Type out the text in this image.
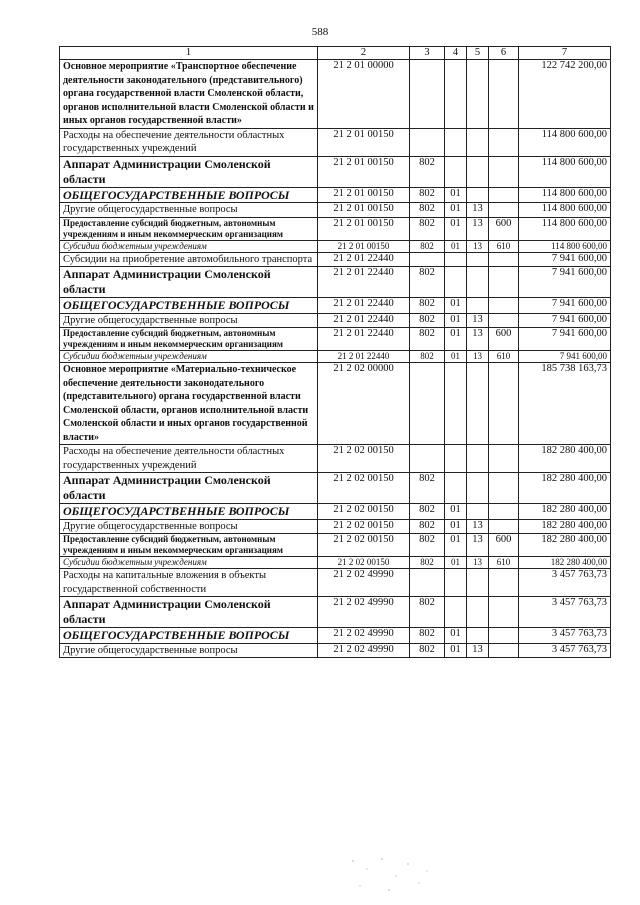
588
1	2	3	4	5	6	7
Основное мероприятие «Транспортное обеспечение деятельности законодательного (представительного) органа государственной власти Смоленской области, органов исполнительной власти Смоленской области и иных органов государственной власти»	21 2 01 00000					122 742 200,00
Расходы на обеспечение деятельности областных государственных учреждений	21 2 01 00150					114 800 600,00
Аппарат Администрации Смоленской области	21 2 01 00150	802				114 800 600,00
ОБЩЕГОСУДАРСТВЕННЫЕ ВОПРОСЫ	21 2 01 00150	802	01			114 800 600,00
Другие общегосударственные вопросы	21 2 01 00150	802	01	13		114 800 600,00
Предоставление субсидий бюджетным, автономным учреждениям и иным некоммерческим организациям	21 2 01 00150	802	01	13	600	114 800 600,00
Субсидии бюджетным учреждениям	21 2 01 00150	802	01	13	610	114 800 600,00
Субсидии на приобретение автомобильного транспорта	21 2 01 22440					7 941 600,00
Аппарат Администрации Смоленской области	21 2 01 22440	802				7 941 600,00
ОБЩЕГОСУДАРСТВЕННЫЕ ВОПРОСЫ	21 2 01 22440	802	01			7 941 600,00
Другие общегосударственные вопросы	21 2 01 22440	802	01	13		7 941 600,00
Предоставление субсидий бюджетным, автономным учреждениям и иным некоммерческим организациям	21 2 01 22440	802	01	13	600	7 941 600,00
Субсидии бюджетным учреждениям	21 2 01 22440	802	01	13	610	7 941 600,00
Основное мероприятие «Материально-техническое обеспечение деятельности законодательного (представительного) органа государственной власти Смоленской области, органов исполнительной власти Смоленской области и иных органов государственной власти»	21 2 02 00000					185 738 163,73
Расходы на обеспечение деятельности областных государственных учреждений	21 2 02 00150					182 280 400,00
Аппарат Администрации Смоленской области	21 2 02 00150	802				182 280 400,00
ОБЩЕГОСУДАРСТВЕННЫЕ ВОПРОСЫ	21 2 02 00150	802	01			182 280 400,00
Другие общегосударственные вопросы	21 2 02 00150	802	01	13		182 280 400,00
Предоставление субсидий бюджетным, автономным учреждениям и иным некоммерческим организациям	21 2 02 00150	802	01	13	600	182 280 400,00
Субсидии бюджетным учреждениям	21 2 02 00150	802	01	13	610	182 280 400,00
Расходы на капитальные вложения в объекты государственной собственности	21 2 02 49990					3 457 763,73
Аппарат Администрации Смоленской области	21 2 02 49990	802				3 457 763,73
ОБЩЕГОСУДАРСТВЕННЫЕ ВОПРОСЫ	21 2 02 49990	802	01			3 457 763,73
Другие общегосударственные вопросы	21 2 02 49990	802	01	13		3 457 763,73
